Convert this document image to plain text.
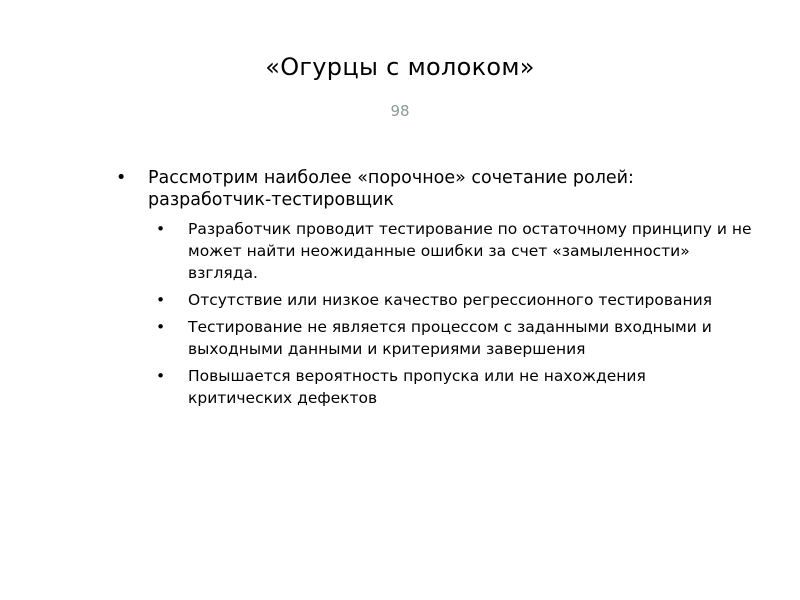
«Огурцы с молоком»
98
• Рассмотрим наиболее «порочное» сочетание ролей: разработчик-тестировщик
• Разработчик проводит тестирование по остаточному принципу и не может найти неожиданные ошибки за счет «замыленности» взгляда.
• Отсутствие или низкое качество регрессионного тестирования
• Тестирование не является процессом с заданными входными и выходными данными и критериями завершения
• Повышается вероятность пропуска или не нахождения критических дефектов
